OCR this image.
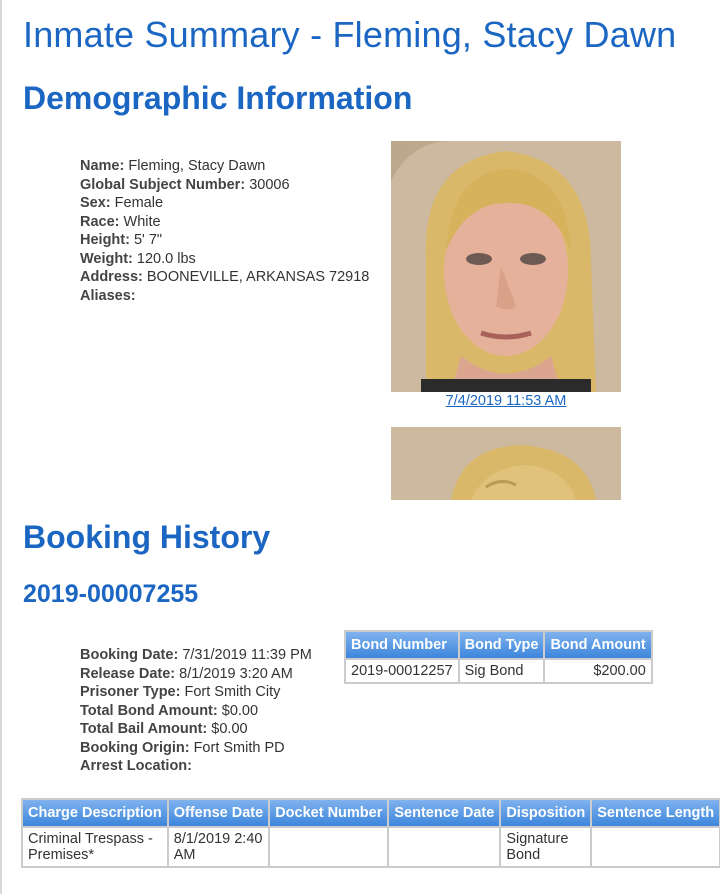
Inmate Summary - Fleming, Stacy Dawn
Demographic Information
Name: Fleming, Stacy Dawn
Global Subject Number: 30006
Sex: Female
Race: White
Height: 5' 7"
Weight: 120.0 lbs
Address: BOONEVILLE, ARKANSAS 72918
Aliases:
7/4/2019 11:53 AM
Booking History
2019-00007255
Booking Date: 7/31/2019 11:39 PM
Release Date: 8/1/2019 3:20 AM
Prisoner Type: Fort Smith City
Total Bond Amount: $0.00
Total Bail Amount: $0.00
Booking Origin: Fort Smith PD
Arrest Location:
Bond Number	Bond Type	Bond Amount
2019-00012257	Sig Bond	$200.00
Charge Description	Offense Date	Docket Number	Sentence Date	Disposition	Sentence Length
Criminal Trespass - Premises*	8/1/2019 2:40 AM			Signature Bond	
